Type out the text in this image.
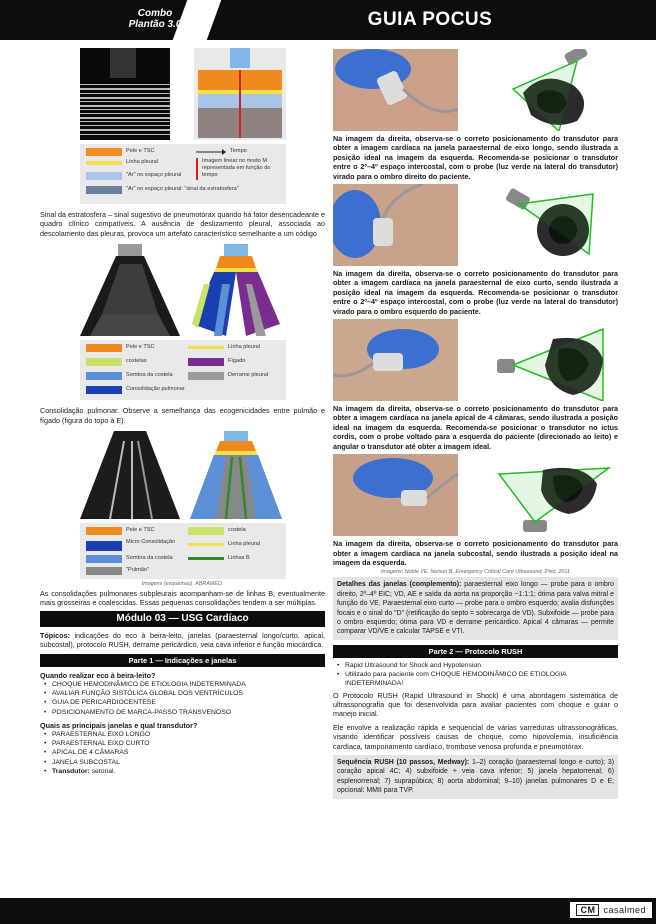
Combo
Plantão 3.0	GUIA POCUS
Pele e TSC
Linha pleural
"Ar" no espaço pleural
"Ar" no espaço pleural: "sinal da estratosfera"
Tempo
Imagem linear no modo M representada em função do tempo

Sinal da estratosfera – sinal sugestivo de pneumotórax quando há fator desencadeante e quadro clínico compatíveis. A ausência de deslizamento pleural, associada ao descolamento das pleuras, provoca um artefato característico semelhante a um código

Pele e TSC
costelas
Sombra da costela
Consolidação pulmonar
Linha pleural
Fígado
Derrame pleural

Consolidação pulmonar. Observe a semelhança das ecogenicidades entre pulmão e fígado (figura do topo à E).

Pele e TSC
Micro Consolidação
Sombra da costela
"Pulmão"
costela
Linha pleural
Linhas B
Imagens (esquemas): ABRAMED.

As consolidações pulmonares subpleurais acompanham-se de linhas B, eventualmente mais grosseiras e coalescidas. Essas pequenas consolidações tendem a ser múltiplas.

Módulo 03 — USG Cardíaco

Tópicos: indicações do eco à beira-leito, janelas (paraesternal longo/curto, apical, subcostal), protocolo RUSH, derrame pericárdico, veia cava inferior e função miocárdica.

Parte 1 — Indicações e janelas
Quando realizar eco à beira-leito?
• CHOQUE HEMODINÂMICO DE ETIOLOGIA INDETERMINADA
• AVALIAR FUNÇÃO SISTÓLICA GLOBAL DOS VENTRÍCULOS
• GUIA DE PERICARDIOCENTESE
• POSICIONAMENTO DE MARCA-PASSO TRANSVENOSO
Quais as principais janelas e qual transdutor?
• PARAESTERNAL EIXO LONGO
• PARAESTERNAL EIXO CURTO
• APICAL DE 4 CÂMARAS
• JANELA SUBCOSTAL
• Transdutor: setorial.

Na imagem da direita, observa-se o correto posicionamento do transdutor para obter a imagem cardíaca na janela paraesternal de eixo longo, sendo ilustrada a posição ideal na imagem da esquerda. Recomenda-se posicionar o transdutor entre o 2º–4º espaço intercostal, com o probe (luz verde na lateral do transdutor) virado para o ombro direito do paciente.

Na imagem da direita, observa-se o correto posicionamento do transdutor para obter a imagem cardíaca na janela paraesternal de eixo curto, sendo ilustrada a posição ideal na imagem da esquerda. Recomenda-se posicionar o transdutor entre o 2º–4º espaço intercostal, com o probe (luz verde na lateral do transdutor) virado para o ombro esquerdo do paciente.

Na imagem da direita, observa-se o correto posicionamento do transdutor para obter a imagem cardíaca na janela apical de 4 câmaras, sendo ilustrada a posição ideal na imagem da esquerda. Recomenda-se posicionar o transdutor no ictus cordis, com o probe voltado para a esquerda do paciente (direcionado ao leito) e angular o transdutor até obter a imagem ideal.

Na imagem da direita, observa-se o correto posicionamento do transdutor para obter a imagem cardíaca na janela subcostal, sendo ilustrada a posição ideal na imagem da esquerda.

Imagens: Noble VE, Nelson B. Emergency Critical Care Ultrasound, 2ªed, 2011
Detalhes das janelas (complemento): paraesternal eixo longo — probe para o ombro direito, 2º–4º EIC; VD, AE e saída da aorta na proporção ~1:1:1; ótima para valva mitral e função do VE. Paraesternal eixo curto — probe para o ombro esquerdo; avalia disfunções focais e o sinal do "D" (retificação do septo = sobrecarga de VD). Subxifoide — probe para o ombro esquerdo; ótima para VD e derrame pericárdico. Apical 4 câmaras — permite comparar VD/VE e calcular TAPSE e VTI.
Parte 2 — Protocolo RUSH
• Rapid Ultrasound for Shock and Hypotension
• Utilizado para paciente com CHOQUE HEMODINÂMICO DE ETIOLOGIA INDETERMINADA!

O Protocolo RUSH (Rapid Ultrasound in Shock) é uma abordagem sistemática de ultrassonografia que foi desenvolvida para avaliar pacientes com choque e guiar o manejo inicial.

Ele envolve a realização rápida e sequencial de várias varreduras ultrassonográficas, visando identificar possíveis causas de choque, como hipovolemia, insuficiência cardíaca, tamponamento cardíaco, trombose venosa profunda e pneumotórax.

Sequência RUSH (10 passos, Medway): 1–2) coração (paraesternal longo e curto); 3) coração apical 4C; 4) subxifoide + veia cava inferior; 5) janela hepatorrenal; 6) esplenorrenal; 7) suprapúbica; 8) aorta abdominal; 9–10) janelas pulmonares D e E; opcional: MMII para TVP.
CM casalmed
